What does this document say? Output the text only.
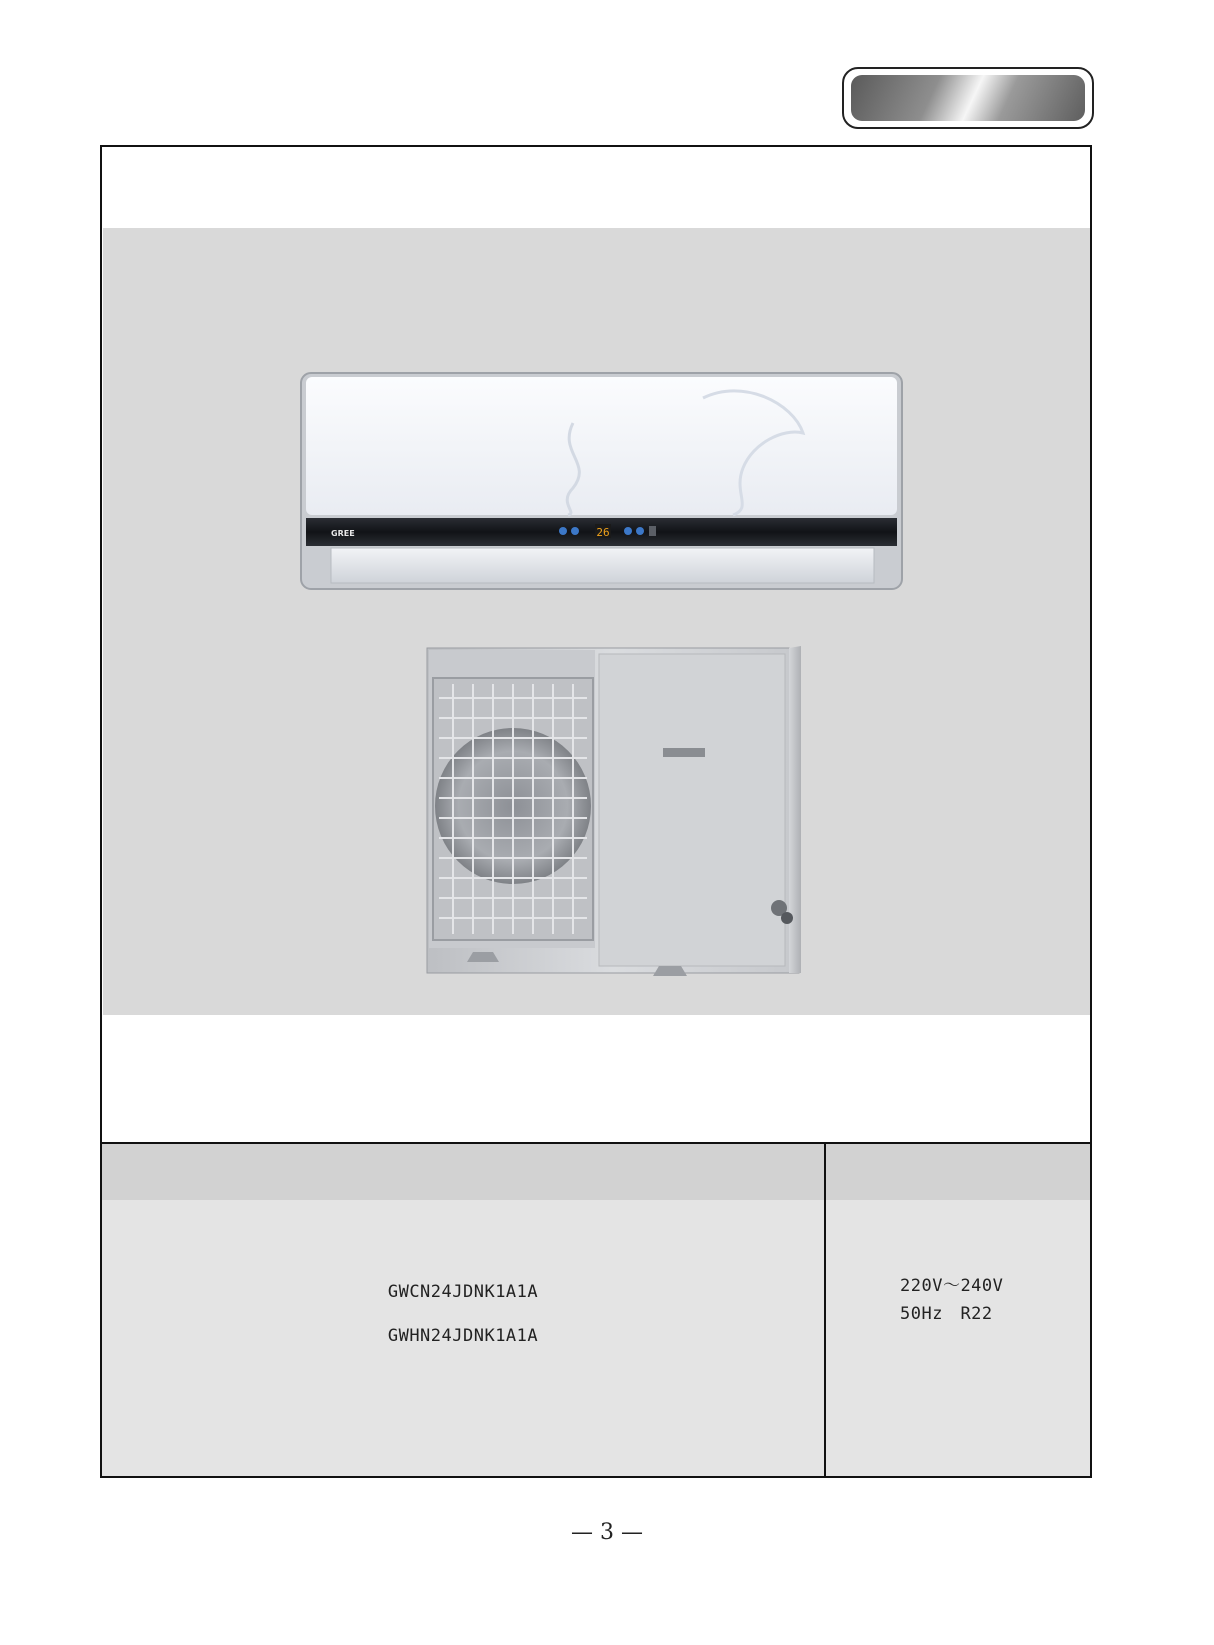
26
GREE
GWCN24JDNK1A1A
GWHN24JDNK1A1A
220V～240V
50Hz　R22
— 3 —
